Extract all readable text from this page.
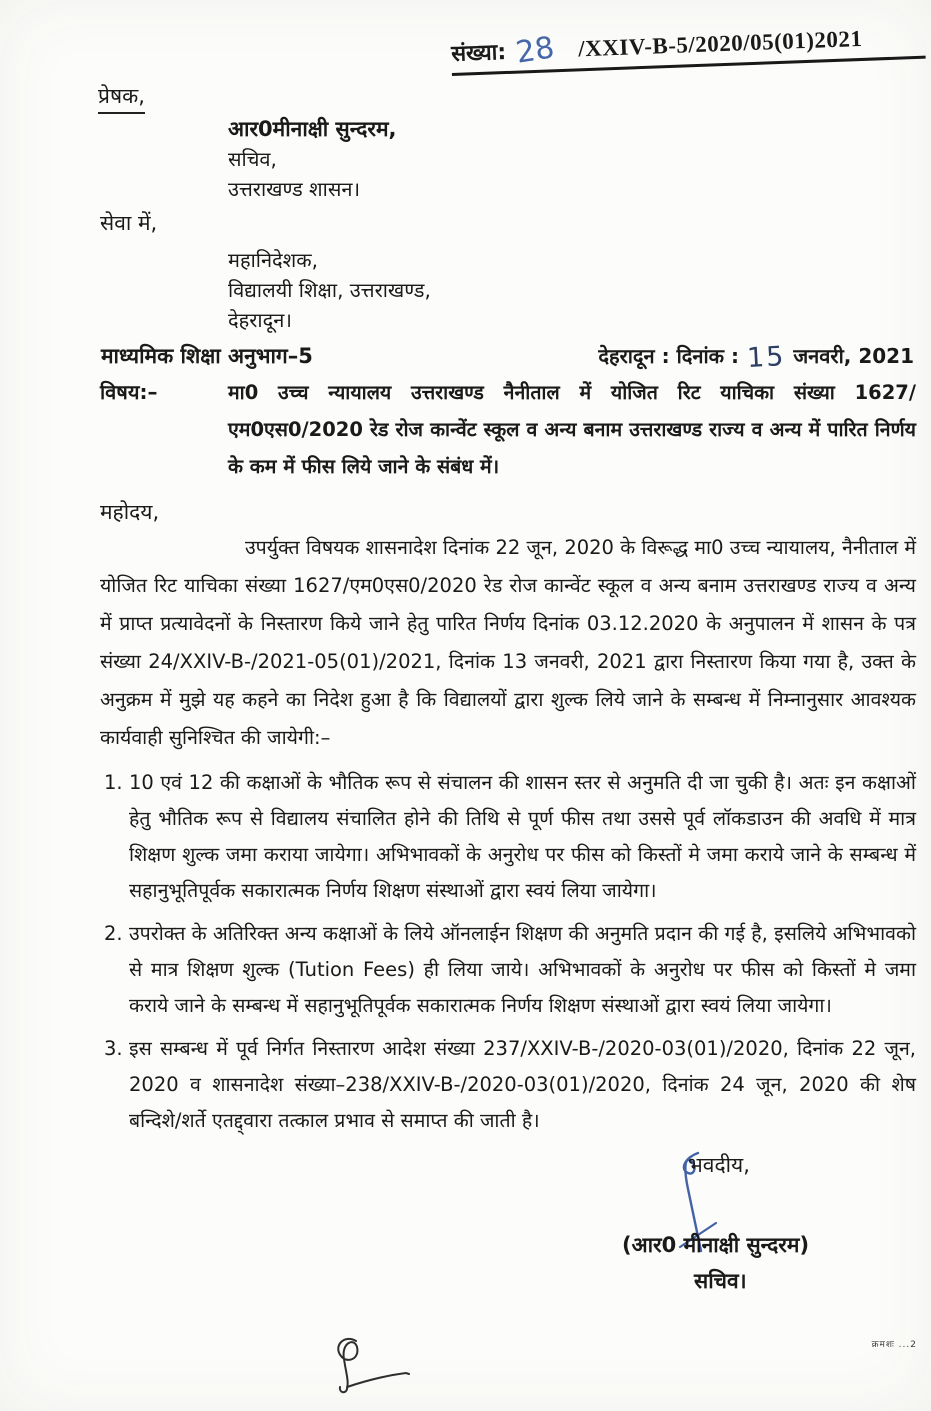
संख्या: 28 /XXIV-B-5/2020/05(01)2021
प्रेषक,
आर0मीनाक्षी सुन्दरम,
सचिव,
उत्तराखण्ड शासन।
सेवा में,
महानिदेशक,
विद्यालयी शिक्षा, उत्तराखण्ड,
देहरादून।
माध्यमिक शिक्षा अनुभाग–5	देहरादून : दिनांक : 15 जनवरी, 2021
विषय:–	मा0 उच्च न्यायालय उत्तराखण्ड नैनीताल में योजित रिट याचिका संख्या 1627/एम0एस0/2020 रेड रोज कान्वेंट स्कूल व अन्य बनाम उत्तराखण्ड राज्य व अन्य में पारित निर्णय के कम में फीस लिये जाने के संबंध में।
महोदय,
उपर्युक्त विषयक शासनादेश दिनांक 22 जून, 2020 के विरूद्ध मा0 उच्च न्यायालय, नैनीताल में योजित रिट याचिका संख्या 1627/एम0एस0/2020 रेड रोज कान्वेंट स्कूल व अन्य बनाम उत्तराखण्ड राज्य व अन्य में प्राप्त प्रत्यावेदनों के निस्तारण किये जाने हेतु पारित निर्णय दिनांक 03.12.2020 के अनुपालन में शासन के पत्र संख्या 24/XXIV-B-/2021-05(01)/2021, दिनांक 13 जनवरी, 2021 द्वारा निस्तारण किया गया है, उक्त के अनुक्रम में मुझे यह कहने का निदेश हुआ है कि विद्यालयों द्वारा शुल्क लिये जाने के सम्बन्ध में निम्नानुसार आवश्यक कार्यवाही सुनिश्चित की जायेगी:–
1. 10 एवं 12 की कक्षाओं के भौतिक रूप से संचालन की शासन स्तर से अनुमति दी जा चुकी है। अतः इन कक्षाओं हेतु भौतिक रूप से विद्यालय संचालित होने की तिथि से पूर्ण फीस तथा उससे पूर्व लॉकडाउन की अवधि में मात्र शिक्षण शुल्क जमा कराया जायेगा। अभिभावकों के अनुरोध पर फीस को किस्तों मे जमा कराये जाने के सम्बन्ध में सहानुभूतिपूर्वक सकारात्मक निर्णय शिक्षण संस्थाओं द्वारा स्वयं लिया जायेगा।
2. उपरोक्त के अतिरिक्त अन्य कक्षाओं के लिये ऑनलाईन शिक्षण की अनुमति प्रदान की गई है, इसलिये अभिभावको से मात्र शिक्षण शुल्क (Tution Fees) ही लिया जाये। अभिभावकों के अनुरोध पर फीस को किस्तों मे जमा कराये जाने के सम्बन्ध में सहानुभूतिपूर्वक सकारात्मक निर्णय शिक्षण संस्थाओं द्वारा स्वयं लिया जायेगा।
3. इस सम्बन्ध में पूर्व निर्गत निस्तारण आदेश संख्या 237/XXIV-B-/2020-03(01)/2020, दिनांक 22 जून, 2020 व शासनादेश संख्या–238/XXIV-B-/2020-03(01)/2020, दिनांक 24 जून, 2020 की शेष बन्दिशे/शर्ते एतद्द्वारा तत्काल प्रभाव से समाप्त की जाती है।
भवदीय,
(आर0 मीनाक्षी सुन्दरम)
सचिव।
क्रमशः ...2
